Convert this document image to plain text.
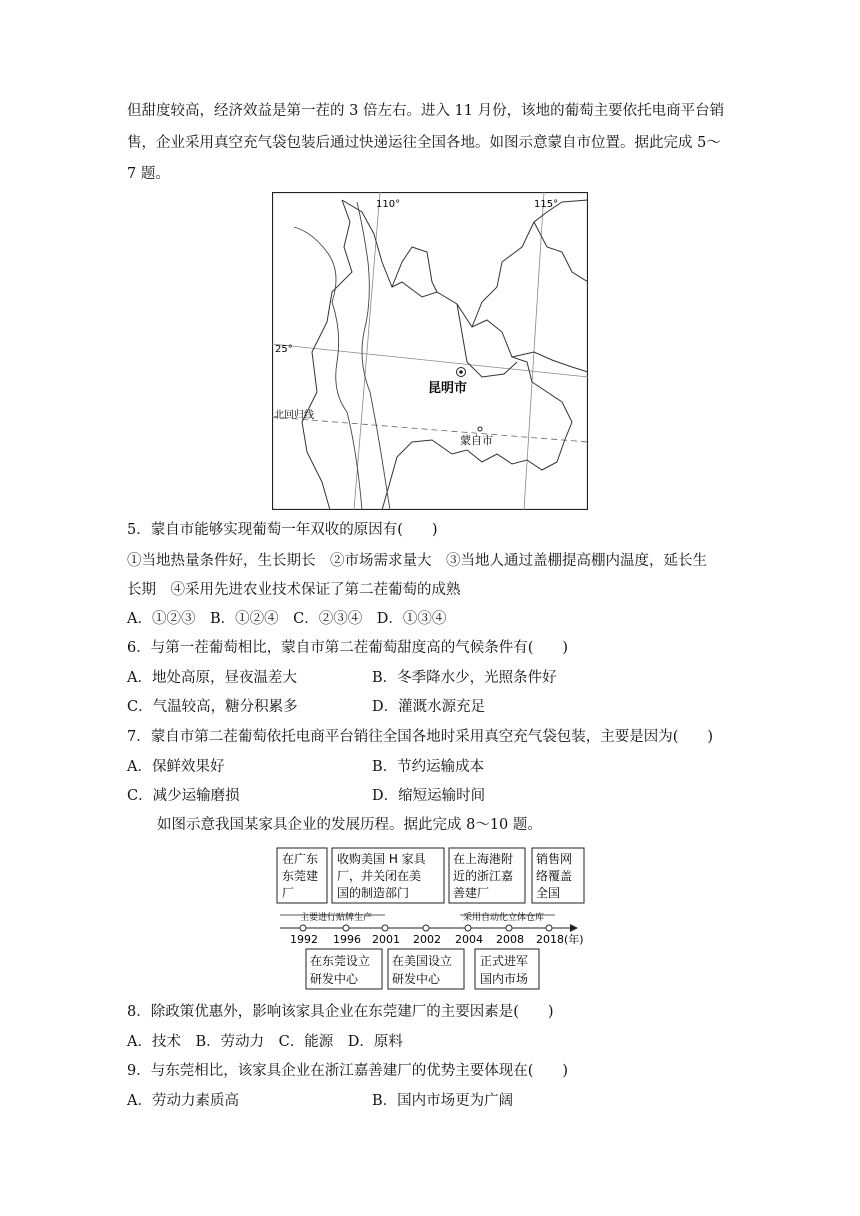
但甜度较高，经济效益是第一茬的 3 倍左右。进入 11 月份，该地的葡萄主要依托电商平台销
售，企业采用真空充气袋包装后通过快递运往全国各地。如图示意蒙自市位置。据此完成 5～
7 题。
110°	115°
25°
北回归线
昆明市
蒙自市
5．蒙自市能够实现葡萄一年双收的原因有(　　)
①当地热量条件好，生长期长　②市场需求量大　③当地人通过盖棚提高棚内温度，延长生
长期　④采用先进农业技术保证了第二茬葡萄的成熟
A．①②③　B．①②④　C．②③④　D．①③④
6．与第一茬葡萄相比，蒙自市第二茬葡萄甜度高的气候条件有(　　)
A．地处高原，昼夜温差大	B．冬季降水少，光照条件好
C．气温较高，糖分积累多	D．灌溉水源充足
7．蒙自市第二茬葡萄依托电商平台销往全国各地时采用真空充气袋包装，主要是因为(　　)
A．保鲜效果好	B．节约运输成本
C．减少运输磨损	D．缩短运输时间
如图示意我国某家具企业的发展历程。据此完成 8～10 题。
在广东
东莞建
厂
收购美国 H 家具
厂，并关闭在美
国的制造部门
在上海港附
近的浙江嘉
善建厂
销售网
络覆盖
全国
主要进行贴牌生产	采用自动化立体仓库
1992 1996 2001 2002 2004 2008 2018(年)
在东莞设立
研发中心
在美国设立
研发中心
正式进军
国内市场
8．除政策优惠外，影响该家具企业在东莞建厂的主要因素是(　　)
A．技术　B．劳动力　C．能源　D．原料
9．与东莞相比，该家具企业在浙江嘉善建厂的优势主要体现在(　　)
A．劳动力素质高	B．国内市场更为广阔
